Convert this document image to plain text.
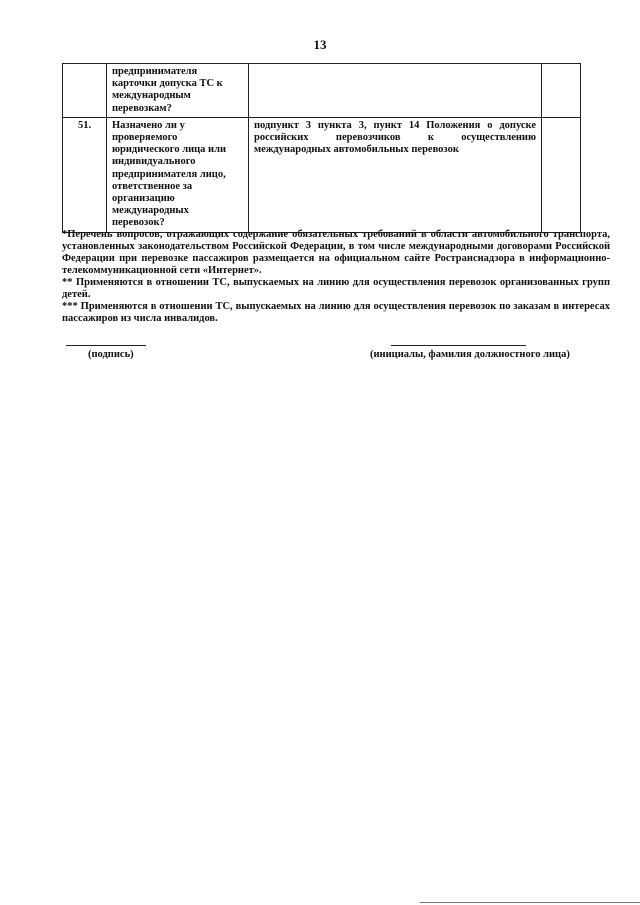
13
	предпринимателя карточки допуска ТС к международным перевозкам?		
51.	Назначено ли у проверяемого юридического лица или индивидуального предпринимателя лицо, ответственное за организацию международных перевозок?	подпункт 3 пункта 3, пункт 14 Положения о допуске российских перевозчиков к осуществлению международных автомобильных перевозок	

*Перечень вопросов, отражающих содержание обязательных требований в области автомобильного транспорта, установленных законодательством Российской Федерации, в том числе международными договорами Российской Федерации при перевозке пассажиров размещается на официальном сайте Ространснадзора в информационно-телекоммуникационной сети «Интернет».

** Применяются в отношении ТС, выпускаемых на линию для осуществления перевозок организованных групп детей.

*** Применяются в отношении ТС, выпускаемых на линию для осуществления перевозок по заказам в интересах пассажиров из числа инвалидов.

(подпись)	(инициалы, фамилия должностного лица)
